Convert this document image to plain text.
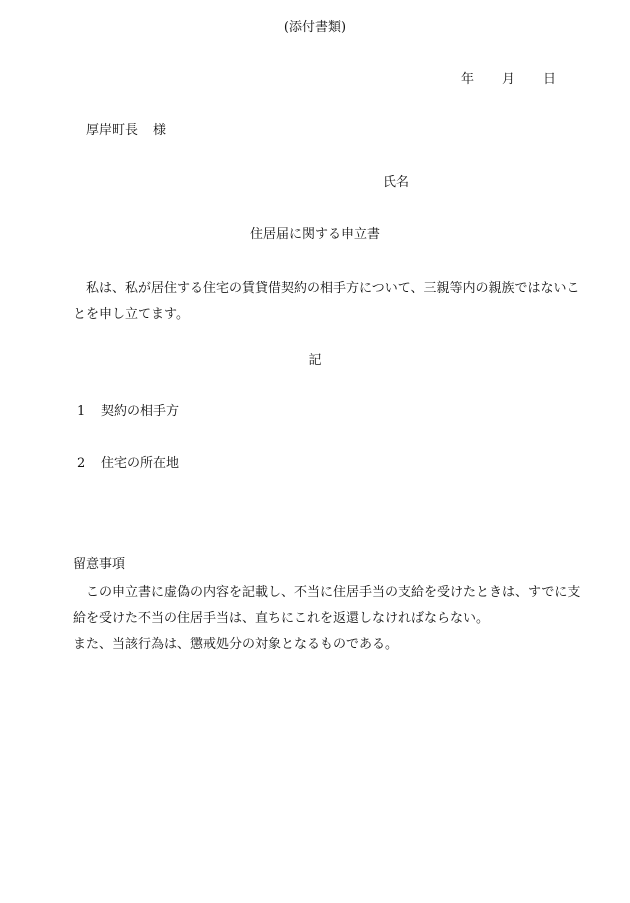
(添付書類)
年 月 日
厚岸町長 様
氏名
住居届に関する申立書
私は、私が居住する住宅の賃貸借契約の相手方について、三親等内の親族ではないことを申し立てます。
記
1 契約の相手方
2 住宅の所在地
留意事項
この申立書に虚偽の内容を記載し、不当に住居手当の支給を受けたときは、すでに支給を受けた不当の住居手当は、直ちにこれを返還しなければならない。
また、当該行為は、懲戒処分の対象となるものである。
